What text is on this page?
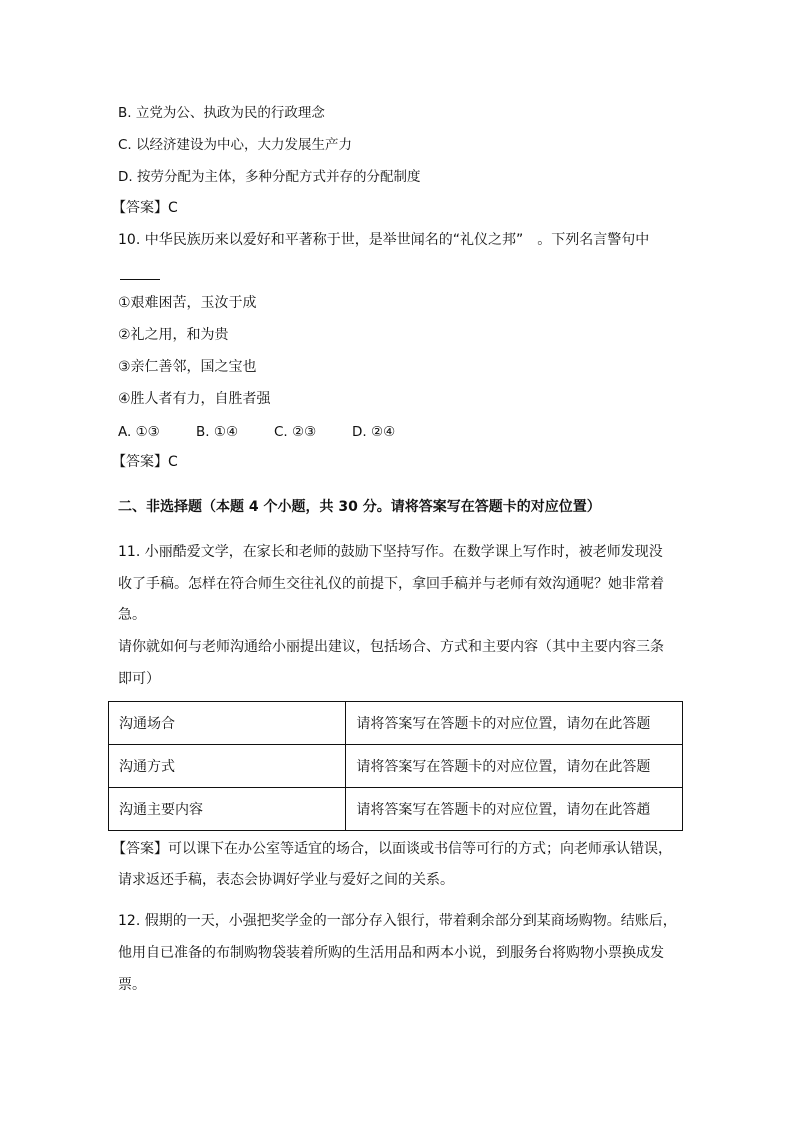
B. 立党为公、执政为民的行政理念
C. 以经济建设为中心，大力发展生产力
D. 按劳分配为主体，多种分配方式并存的分配制度
【答案】C
10. 中华民族历来以爱好和平著称于世，是举世闻名的“礼仪之邦”　。下列名言警句中
①艰难困苦，玉汝于成
②礼之用，和为贵
③亲仁善邻，国之宝也
④胜人者有力，自胜者强
A. ①③	B. ①④	C. ②③	D. ②④
【答案】C
二、非选择题（本题 4 个小题，共 30 分。请将答案写在答题卡的对应位置）
11. 小丽酷爱文学，在家长和老师的鼓励下坚持写作。在数学课上写作时，被老师发现没
收了手稿。怎样在符合师生交往礼仪的前提下，拿回手稿并与老师有效沟通呢？她非常着
急。
请你就如何与老师沟通给小丽提出建议，包括场合、方式和主要内容（其中主要内容三条
即可）
沟通场合	请将答案写在答题卡的对应位置，请勿在此答题
沟通方式	请将答案写在答题卡的对应位置，请勿在此答题
沟通主要内容	请将答案写在答题卡的对应位置，请勿在此答趙
【答案】可以课下在办公室等适宜的场合，以面谈或书信等可行的方式；向老师承认错误，
请求返还手稿，表态会协调好学业与爱好之间的关系。
12. 假期的一天，小强把奖学金的一部分存入银行，带着剩余部分到某商场购物。结账后，
他用自已准备的布制购物袋装着所购的生活用品和两本小说，到服务台将购物小票换成发
票。
